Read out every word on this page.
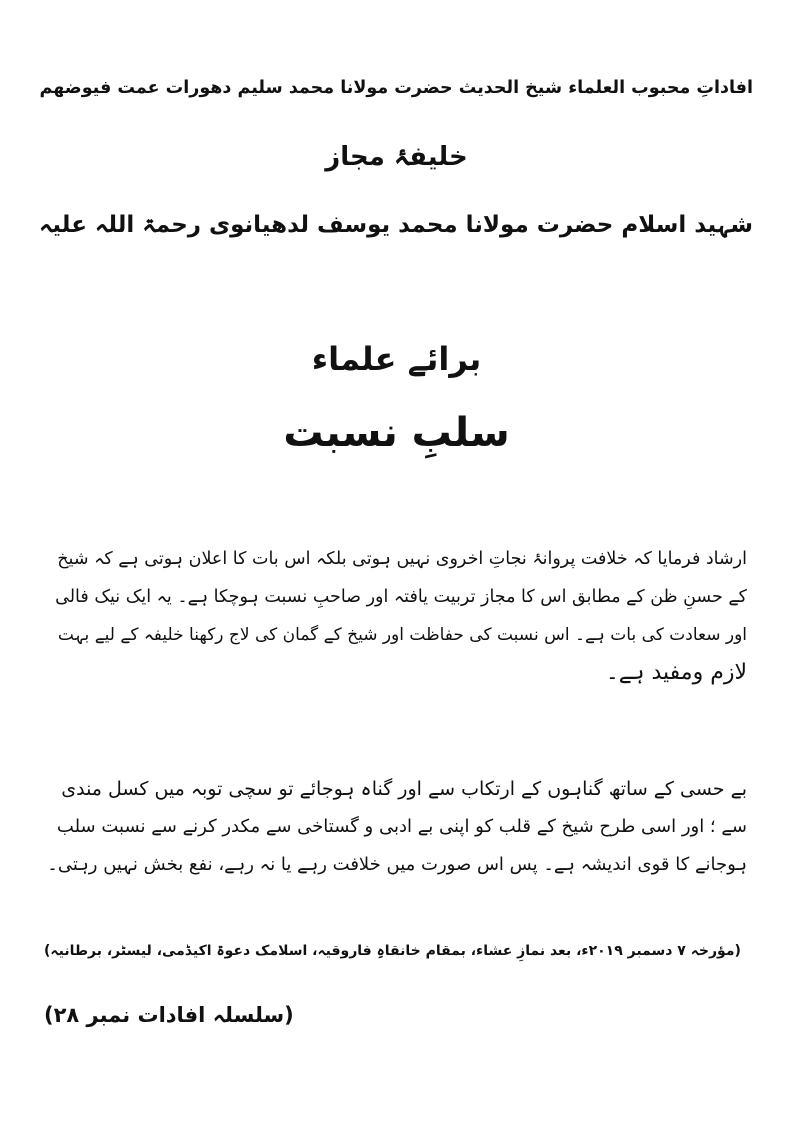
افاداتِ محبوب العلماء شیخ الحدیث حضرت مولانا محمد سلیم دھورات عمت فیوضھم
خلیفۂ مجاز
شہید اسلام حضرت مولانا محمد یوسف لدھیانوی رحمۃ اللہ علیہ
برائے علماء
سلبِ نسبت
ارشاد فرمایا کہ خلافت پروانۂ نجاتِ اخروی نہیں ہوتی بلکہ اس بات کا اعلان ہوتی ہے کہ شیخ
کے حسنِ ظن کے مطابق اس کا مجاز تربیت یافتہ اور صاحبِ نسبت ہوچکا ہے۔ یہ ایک نیک فالی
اور سعادت کی بات ہے۔ اس نسبت کی حفاظت اور شیخ کے گمان کی لاج رکھنا خلیفہ کے لیے بہت
لازم ومفید ہے۔
بے حسی کے ساتھ گناہوں کے ارتکاب سے اور گناہ ہوجائے تو سچی توبہ میں کسل مندی
سے ؛ اور اسی طرح شیخ کے قلب کو اپنی بے ادبی و گستاخی سے مکدر کرنے سے نسبت سلب
ہوجانے کا قوی اندیشہ ہے۔ پس اس صورت میں خلافت رہے یا نہ رہے، نفع بخش نہیں رہتی۔
(مؤرخہ ۷ دسمبر ۲۰۱۹ء، بعد نمازِ عشاء، بمقام خانقاہِ فاروقیہ، اسلامک دعوۃ اکیڈمی، لیسٹر، برطانیہ)
(سلسلہ افادات نمبر ۲۸)
